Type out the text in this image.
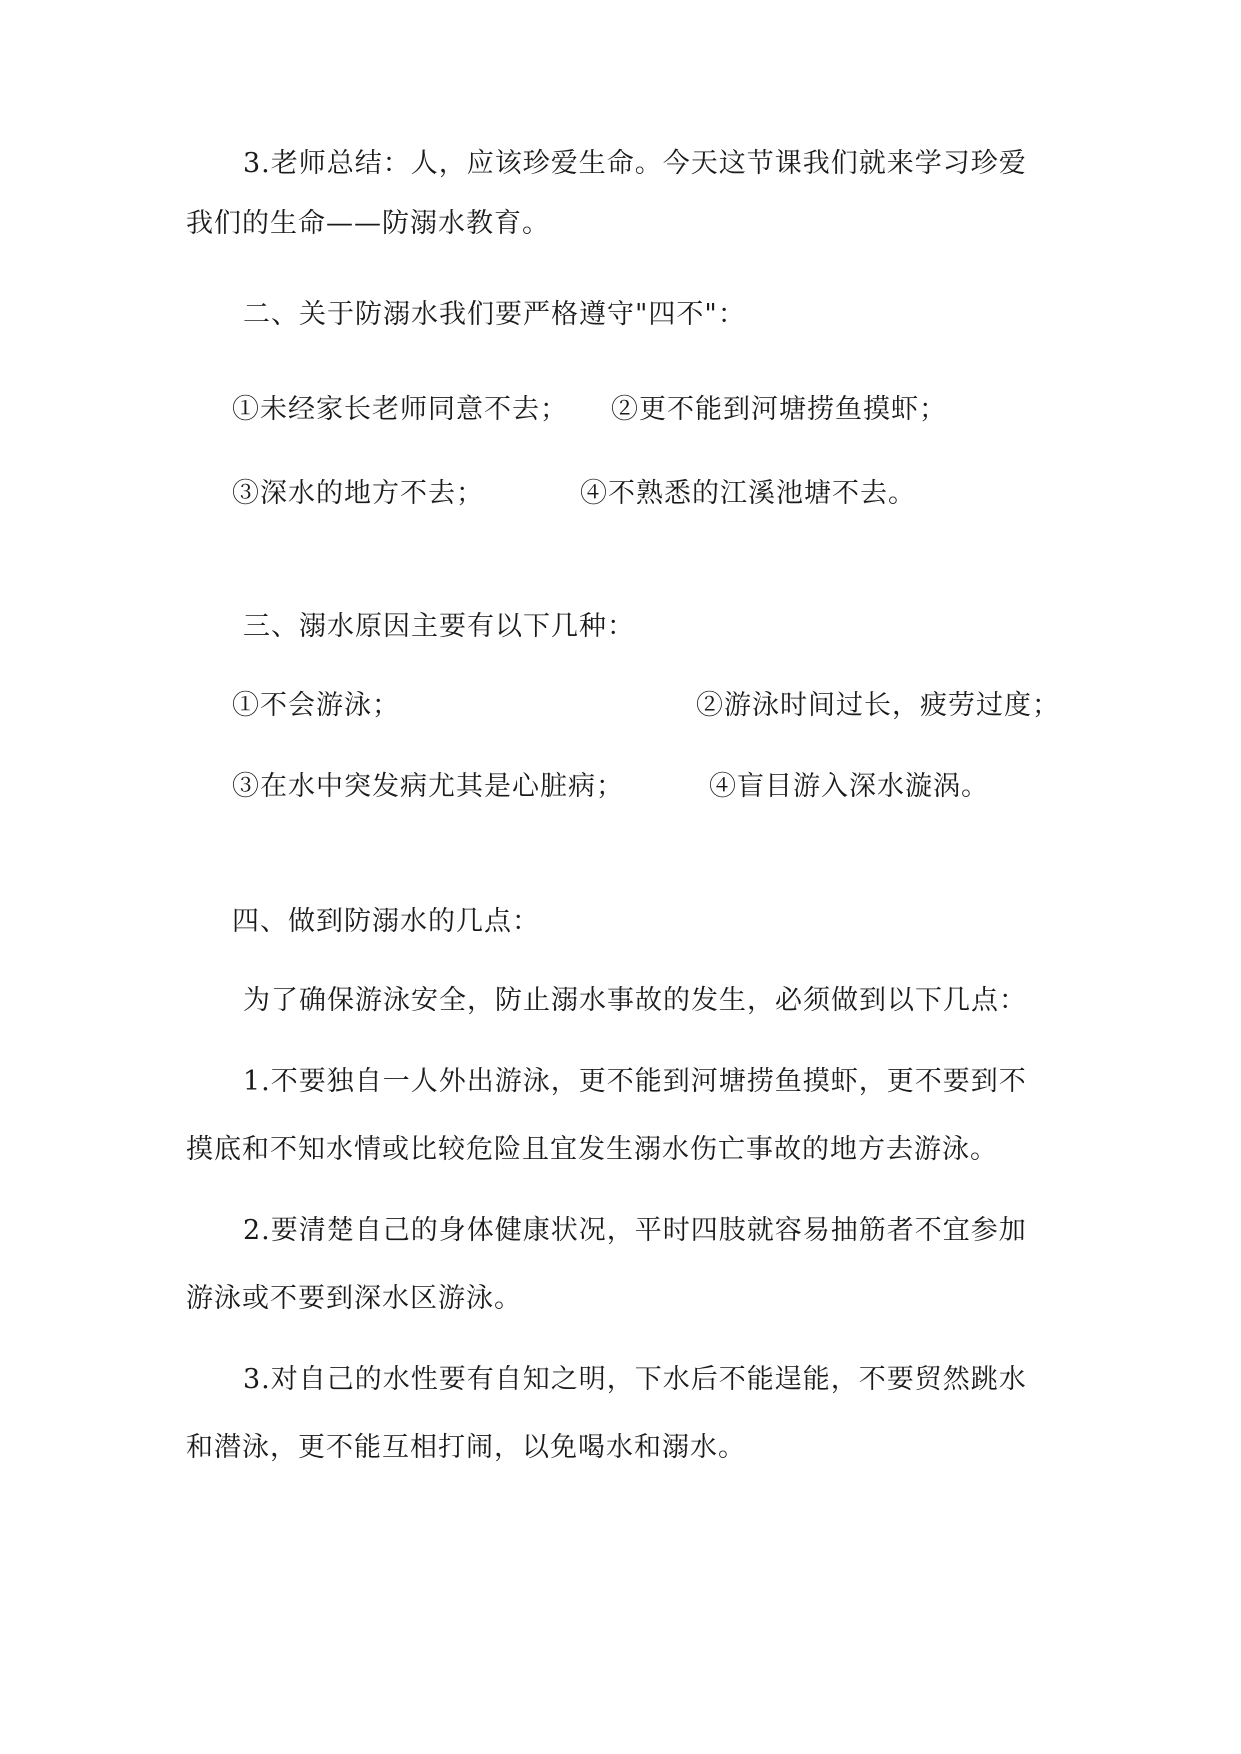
3.老师总结：人，应该珍爱生命。今天这节课我们就来学习珍爱
我们的生命——防溺水教育。
二、关于防溺水我们要严格遵守"四不"：
①未经家长老师同意不去； ②更不能到河塘捞鱼摸虾；
③深水的地方不去；	④不熟悉的江溪池塘不去。
三、溺水原因主要有以下几种：
①不会游泳；	②游泳时间过长，疲劳过度；
③在水中突发病尤其是心脏病；	④盲目游入深水漩涡。
四、做到防溺水的几点：
为了确保游泳安全，防止溺水事故的发生，必须做到以下几点：
1.不要独自一人外出游泳，更不能到河塘捞鱼摸虾，更不要到不
摸底和不知水情或比较危险且宜发生溺水伤亡事故的地方去游泳。
2.要清楚自己的身体健康状况，平时四肢就容易抽筋者不宜参加
游泳或不要到深水区游泳。
3.对自己的水性要有自知之明，下水后不能逞能，不要贸然跳水
和潜泳，更不能互相打闹，以免喝水和溺水。
